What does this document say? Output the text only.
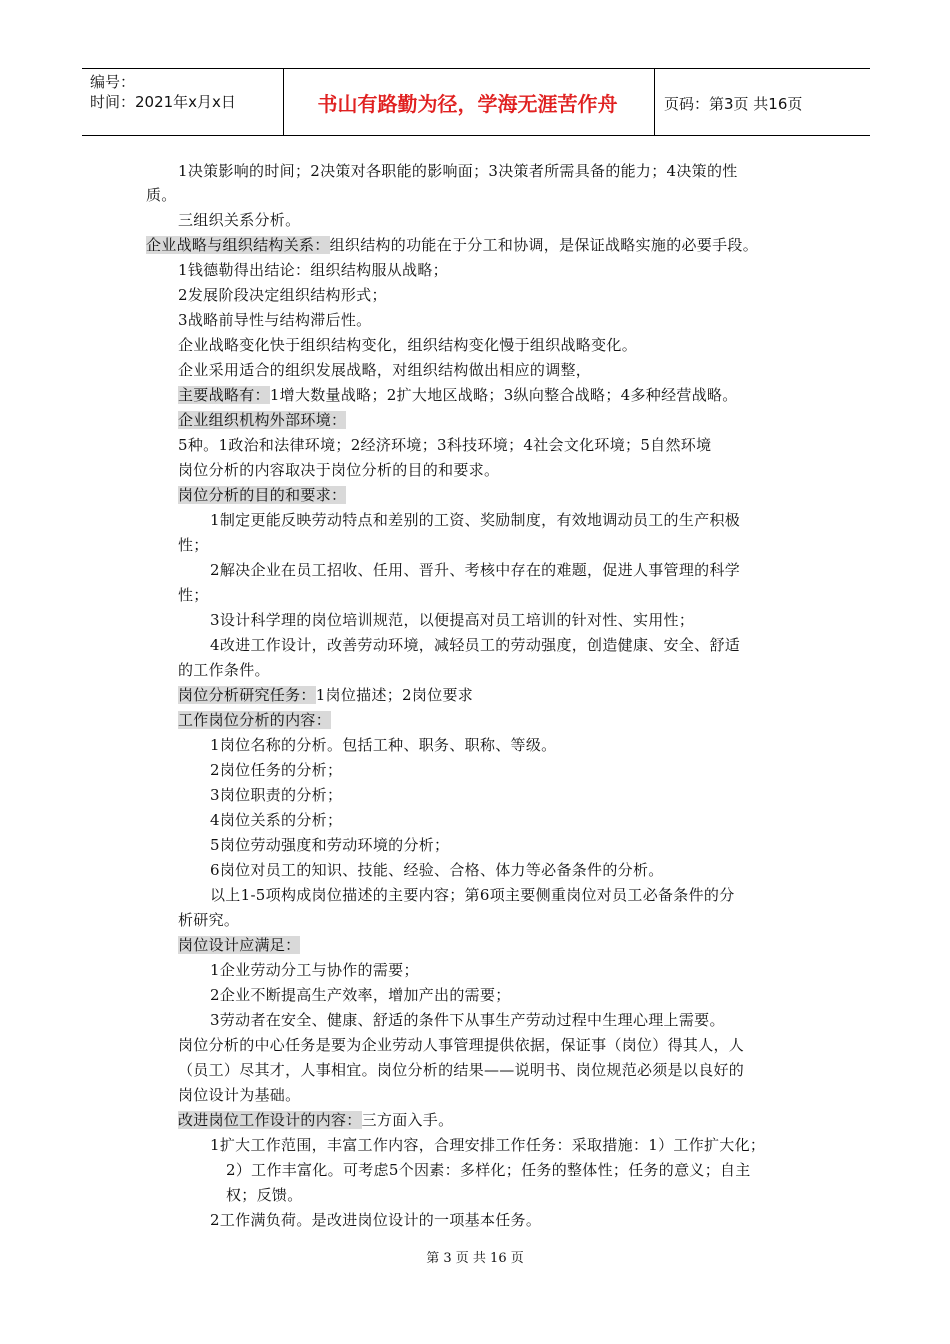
编号：
时间：2021年x月x日	书山有路勤为径，学海无涯苦作舟	页码：第3页 共16页
1决策影响的时间；2决策对各职能的影响面；3决策者所需具备的能力；4决策的性
质。
三组织关系分析。
企业战略与组织结构关系：组织结构的功能在于分工和协调，是保证战略实施的必要手段。
1钱德勒得出结论：组织结构服从战略；
2发展阶段决定组织结构形式；
3战略前导性与结构滞后性。
企业战略变化快于组织结构变化，组织结构变化慢于组织战略变化。
企业采用适合的组织发展战略，对组织结构做出相应的调整，
主要战略有：1增大数量战略；2扩大地区战略；3纵向整合战略；4多种经营战略。
企业组织机构外部环境：
5种。1政治和法律环境；2经济环境；3科技环境；4社会文化环境；5自然环境
岗位分析的内容取决于岗位分析的目的和要求。
岗位分析的目的和要求：
1制定更能反映劳动特点和差别的工资、奖励制度，有效地调动员工的生产积极
性；
2解决企业在员工招收、任用、晋升、考核中存在的难题，促进人事管理的科学
性；
3设计科学理的岗位培训规范，以便提高对员工培训的针对性、实用性；
4改进工作设计，改善劳动环境，减轻员工的劳动强度，创造健康、安全、舒适
的工作条件。
岗位分析研究任务：1岗位描述；2岗位要求
工作岗位分析的内容：
1岗位名称的分析。包括工种、职务、职称、等级。
2岗位任务的分析；
3岗位职责的分析；
4岗位关系的分析；
5岗位劳动强度和劳动环境的分析；
6岗位对员工的知识、技能、经验、合格、体力等必备条件的分析。
以上1-5项构成岗位描述的主要内容；第6项主要侧重岗位对员工必备条件的分
析研究。
岗位设计应满足：
1企业劳动分工与协作的需要；
2企业不断提高生产效率，增加产出的需要；
3劳动者在安全、健康、舒适的条件下从事生产劳动过程中生理心理上需要。
岗位分析的中心任务是要为企业劳动人事管理提供依据，保证事（岗位）得其人，人
（员工）尽其才，人事相宜。岗位分析的结果——说明书、岗位规范必须是以良好的
岗位设计为基础。
改进岗位工作设计的内容：三方面入手。
1扩大工作范围，丰富工作内容，合理安排工作任务：采取措施：1）工作扩大化；
2）工作丰富化。可考虑5个因素：多样化；任务的整体性；任务的意义；自主
权；反馈。
2工作满负荷。是改进岗位设计的一项基本任务。
第 3 页 共 16 页
